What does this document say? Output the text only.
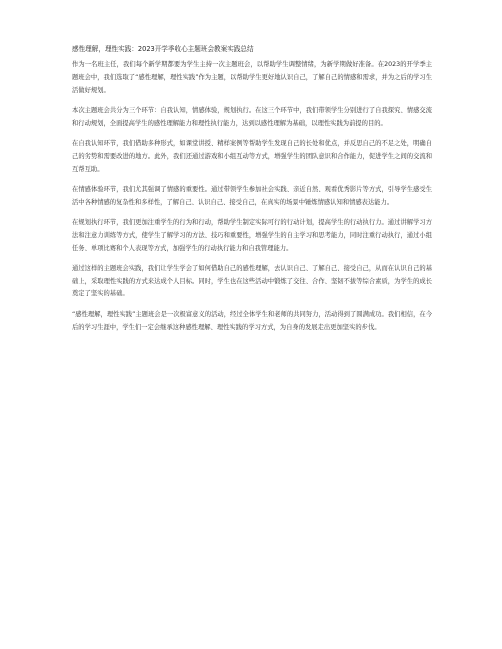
感性理解，理性实践：2023开学季收心主题班会教案实践总结

作为一名班主任，我们每个新学期都要为学生主持一次主题班会，以帮助学生调整情绪，为新学期做好准备。在2023的开学季主题班会中，我们选取了“感性理解，理性实践”作为主题，以帮助学生更好地认识自己，了解自己的情感和需求，并为之后的学习生活做好规划。

本次主题班会共分为三个环节：自我认知，情感体验，规划执行。在这三个环节中，我们带领学生分别进行了自我探究、情感交流和行动规划，全面提高学生的感性理解能力和理性执行能力，达到以感性理解为基础，以理性实践为前提的目的。

在自我认知环节，我们借助多种形式，如课堂讲授、精样案例等帮助学生发现自己的长处和优点，并反思自己的不足之处，明确自己的劣势和需要改进的地方。此外，我们还通过游戏和小组互动等方式，增强学生的团队意识和合作能力，促进学生之间的交流和互帮互助。

在情感体验环节，我们尤其强调了情感的重要性。通过带领学生参加社会实践、亲近自然、观看优秀影片等方式，引导学生感受生活中各种情感的复杂性和多样性，了解自己、认识自己、接受自己，在真实的场景中锤炼情感认知和情感表达能力。

在规划执行环节，我们更加注重学生的行为和行动，帮助学生制定实际可行的行动计划，提高学生的行动执行力。通过讲解学习方法和注意力训练等方式，使学生了解学习的方法、技巧和重要性，增强学生的自主学习和思考能力，同时注重行动执行，通过小组任务、单项比赛和个人表现等方式，加强学生的行动执行能力和自我管理能力。

通过这样的主题班会实践，我们让学生学会了如何借助自己的感性理解，去认识自己、了解自己、接受自己，从而在认识自己的基础上，采取理性实践的方式来达成个人目标。同时，学生也在这些活动中锻炼了交往、合作、坚韧不拔等综合素质，为学生的成长奠定了坚实的基础。

“感性理解，理性实践”主题班会是一次极富意义的活动，经过全体学生和老师的共同努力，活动得到了圆满成功。我们相信，在今后的学习生涯中，学生们一定会继承这种感性理解、理性实践的学习方式，为自身的发展走出更加坚实的步伐。
